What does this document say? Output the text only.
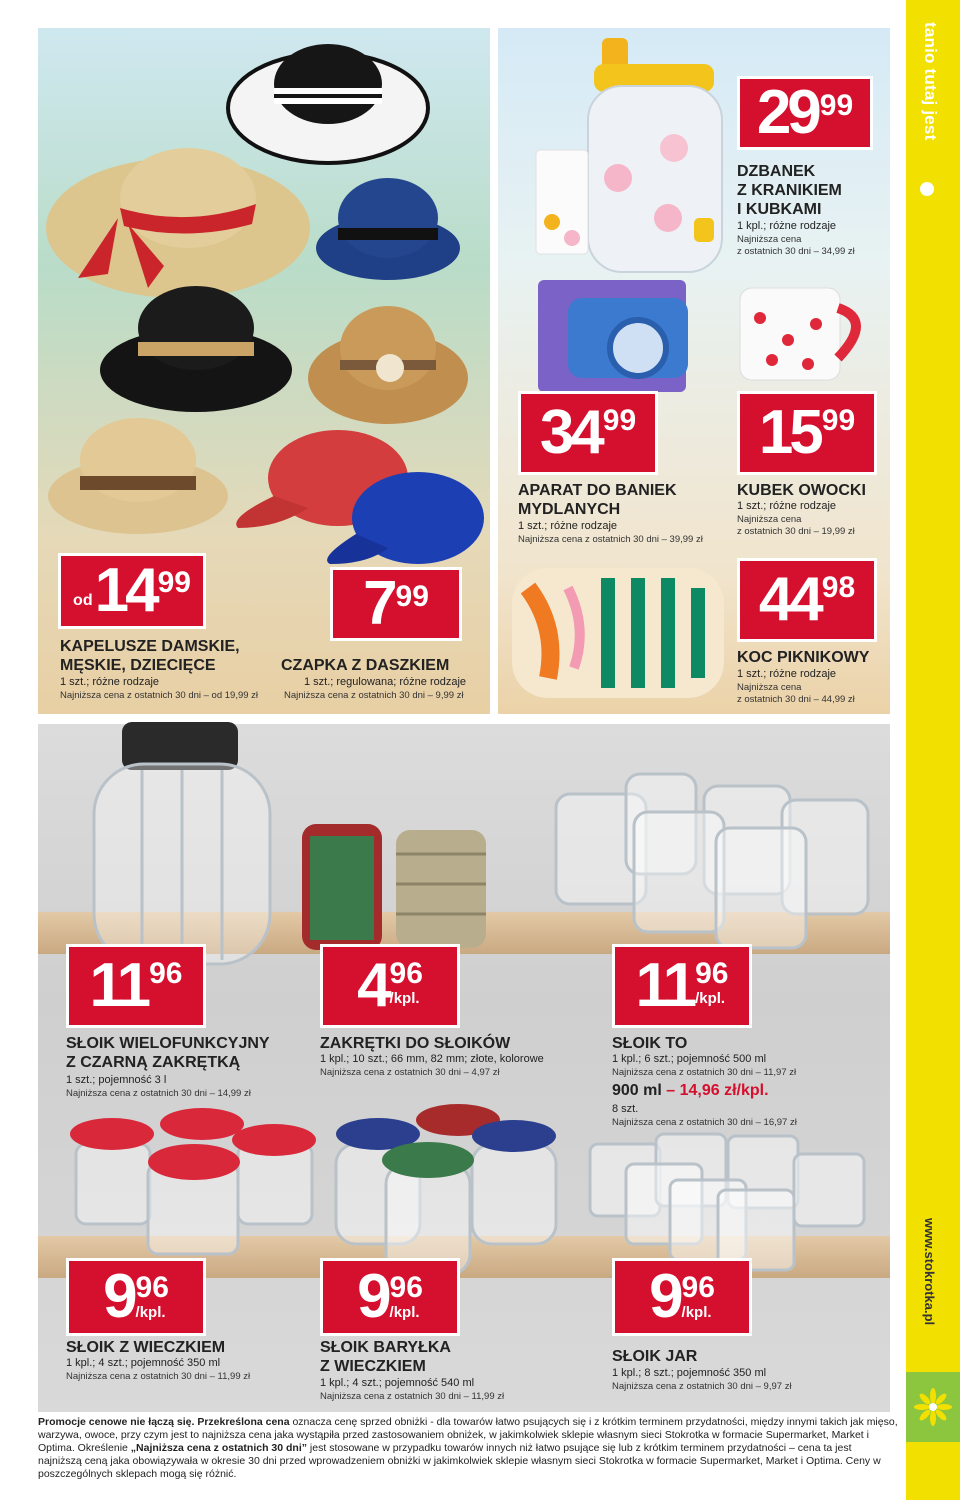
tanio tutaj jest
www.stokrotka.pl
od 14 99
KAPELUSZE DAMSKIE,
MĘSKIE, DZIECIĘCE
1 szt.; różne rodzaje
Najniższa cena z ostatnich 30 dni – od 19,99 zł
7 99
CZAPKA Z DASZKIEM
1 szt.; regulowana; różne rodzaje
Najniższa cena z ostatnich 30 dni – 9,99 zł
29 99
DZBANEK
Z KRANIKIEM
I KUBKAMI
1 kpl.; różne rodzaje
Najniższa cena
z ostatnich 30 dni – 34,99 zł
34 99
APARAT DO BANIEK
MYDLANYCH
1 szt.; różne rodzaje
Najniższa cena z ostatnich 30 dni – 39,99 zł
15 99
KUBEK OWOCKI
1 szt.; różne rodzaje
Najniższa cena
z ostatnich 30 dni – 19,99 zł
44 98
KOC PIKNIKOWY
1 szt.; różne rodzaje
Najniższa cena
z ostatnich 30 dni – 44,99 zł
11 96
SŁOIK WIELOFUNKCYJNY
Z CZARNĄ ZAKRĘTKĄ
1 szt.; pojemność 3 l
Najniższa cena z ostatnich 30 dni – 14,99 zł
4 96
/kpl.
ZAKRĘTKI DO SŁOIKÓW
1 kpl.; 10 szt.; 66 mm, 82 mm; złote, kolorowe
Najniższa cena z ostatnich 30 dni – 4,97 zł
11 96
/kpl.
SŁOIK TO
1 kpl.; 6 szt.; pojemność 500 ml
Najniższa cena z ostatnich 30 dni – 11,97 zł
900 ml – 14,96 zł/kpl.
8 szt.
Najniższa cena z ostatnich 30 dni – 16,97 zł
9 96
/kpl.
SŁOIK Z WIECZKIEM
1 kpl.; 4 szt.; pojemność 350 ml
Najniższa cena z ostatnich 30 dni – 11,99 zł
9 96
/kpl.
SŁOIK BARYŁKA
Z WIECZKIEM
1 kpl.; 4 szt.; pojemność 540 ml
Najniższa cena z ostatnich 30 dni – 11,99 zł
9 96
/kpl.
SŁOIK JAR
1 kpl.; 8 szt.; pojemność 350 ml
Najniższa cena z ostatnich 30 dni – 9,97 zł
Promocje cenowe nie łączą się. Przekreślona cena oznacza cenę sprzed obniżki - dla towarów łatwo psujących się i z krótkim terminem przydatności, między innymi takich jak mięso, warzywa, owoce, przy czym jest to najniższa cena jaka wystąpiła przed zastosowaniem obniżek, w jakimkolwiek sklepie własnym sieci Stokrotka w formacie Supermarket, Market i Optima. Określenie „Najniższa cena z ostatnich 30 dni” jest stosowane w przypadku towarów innych niż łatwo psujące się lub z krótkim terminem przydatności – cena ta jest najniższą ceną jaka obowiązywała w okresie 30 dni przed wprowadzeniem obniżki w jakimkolwiek sklepie własnym sieci Stokrotka w formacie Supermarket, Market i Optima. Ceny w poszczególnych sklepach mogą się różnić.
